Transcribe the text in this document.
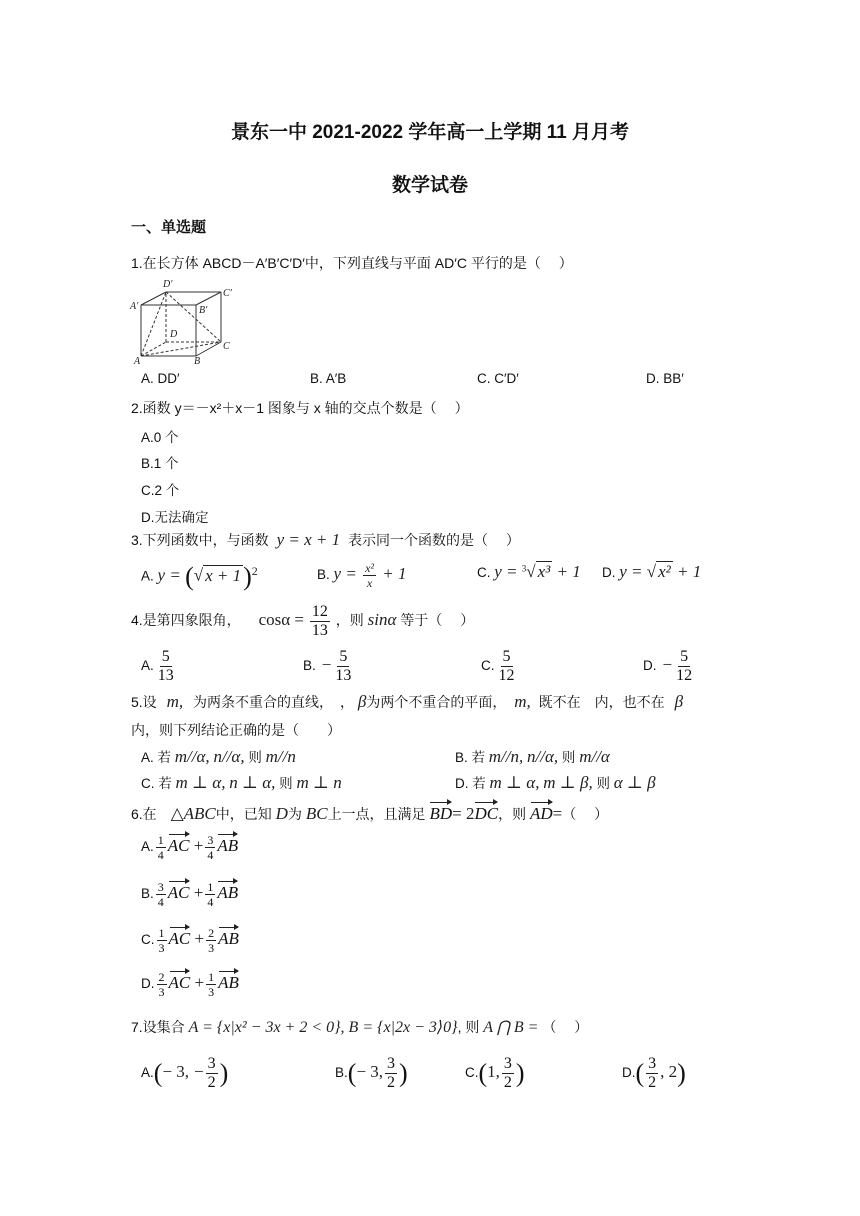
景东一中 2021-2022 学年高一上学期 11 月月考
数学试卷
一、单选题
1.在长方体 ABCD－A′B′C′D′中，下列直线与平面 AD′C 平行的是（　 ）
D′
C′
A′	B′
D
C
A	B
A. DD′	B. A′B	C. C′D′	D. BB′
2.函数 y＝－x²＋x－1 图象与 x 轴的交点个数是（　 ）
A.0 个
B.1 个
C.2 个
D.无法确定
3.下列函数中，与函数 y = x + 1 表示同一个函数的是（　 ）
A. y = (√ x + 1)$^2$	B. $y = \frac{\text{x²}}{x} + 1$	C. y = $^3$√ x³ + 1 D. y = √ x² + 1
4.是第四象限角， $\cos\alpha = \frac{12}{13}$ ，则 sinα 等于（　 ）
A. $\frac{5}{13}$	B. − $\frac{5}{13}$	C. $\frac{5}{12}$	D. − $\frac{5}{12}$
5.设 m, 为两条不重合的直线，　， β为两个不重合的平面， m, 既不在　内，也不在 β
内，则下列结论正确的是（　　）
A. 若 m//α, n//α, 则 m//n	B. 若 m//n, n//α, 则 m//α
C. 若 m ⊥ α, n ⊥ α, 则 m ⊥ n	D. 若 m ⊥ α, m ⊥ β, 则 α ⊥ β
6.在 △ABC中，已知 D为 BC上一点，且满足 BD= 2DC，则 AD=（　 ）
A. $\frac{1}{4}$ AC + $\frac{3}{4}$ AB
B. $\frac{3}{4}$ AC + $\frac{1}{4}$ AB
C. $\frac{1}{3}$ AC + $\frac{2}{3}$ AB
D. $\frac{2}{3}$ AC + $\frac{1}{3}$ AB
7.设集合 A = {x|x² − 3x + 2 < 0}, B = {x|2x − 3⟩0}, 则 A ⋂ B = （　 ）
A.(− 3, − $\frac{3}{2}$ )	B.(− 3, $\frac{3}{2}$ )	C.(1, $\frac{3}{2}$ )	$D.( \frac{3}{2}$ , 2)
